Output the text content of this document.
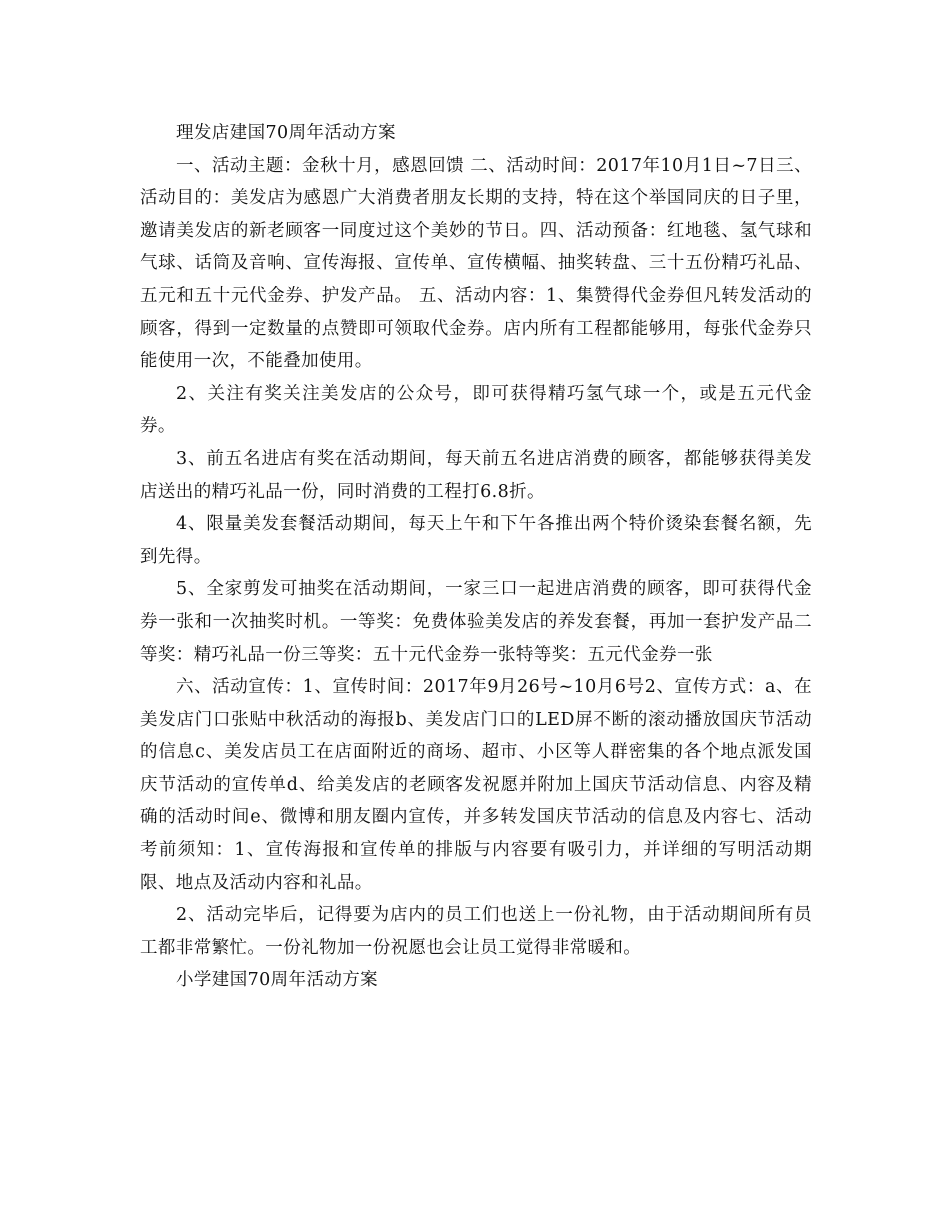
理发店建国70周年活动方案

一、活动主题：金秋十月，感恩回馈 二、活动时间：2017年10月1日~7日三、活动目的：美发店为感恩广大消费者朋友长期的支持，特在这个举国同庆的日子里，邀请美发店的新老顾客一同度过这个美妙的节日。四、活动预备：红地毯、氢气球和气球、话筒及音响、宣传海报、宣传单、宣传横幅、抽奖转盘、三十五份精巧礼品、五元和五十元代金券、护发产品。 五、活动内容：1、集赞得代金券但凡转发活动的顾客，得到一定数量的点赞即可领取代金券。店内所有工程都能够用，每张代金券只能使用一次，不能叠加使用。

2、关注有奖关注美发店的公众号，即可获得精巧氢气球一个，或是五元代金券。

3、前五名进店有奖在活动期间，每天前五名进店消费的顾客，都能够获得美发店送出的精巧礼品一份，同时消费的工程打6.8折。

4、限量美发套餐活动期间，每天上午和下午各推出两个特价烫染套餐名额，先到先得。

5、全家剪发可抽奖在活动期间，一家三口一起进店消费的顾客，即可获得代金券一张和一次抽奖时机。一等奖：免费体验美发店的养发套餐，再加一套护发产品二等奖：精巧礼品一份三等奖：五十元代金券一张特等奖：五元代金券一张

六、活动宣传：1、宣传时间：2017年9月26号~10月6号2、宣传方式：a、在美发店门口张贴中秋活动的海报b、美发店门口的LED屏不断的滚动播放国庆节活动的信息c、美发店员工在店面附近的商场、超市、小区等人群密集的各个地点派发国庆节活动的宣传单d、给美发店的老顾客发祝愿并附加上国庆节活动信息、内容及精确的活动时间e、微博和朋友圈内宣传，并多转发国庆节活动的信息及内容七、活动考前须知：1、宣传海报和宣传单的排版与内容要有吸引力，并详细的写明活动期限、地点及活动内容和礼品。

2、活动完毕后，记得要为店内的员工们也送上一份礼物，由于活动期间所有员工都非常繁忙。一份礼物加一份祝愿也会让员工觉得非常暖和。

小学建国70周年活动方案
